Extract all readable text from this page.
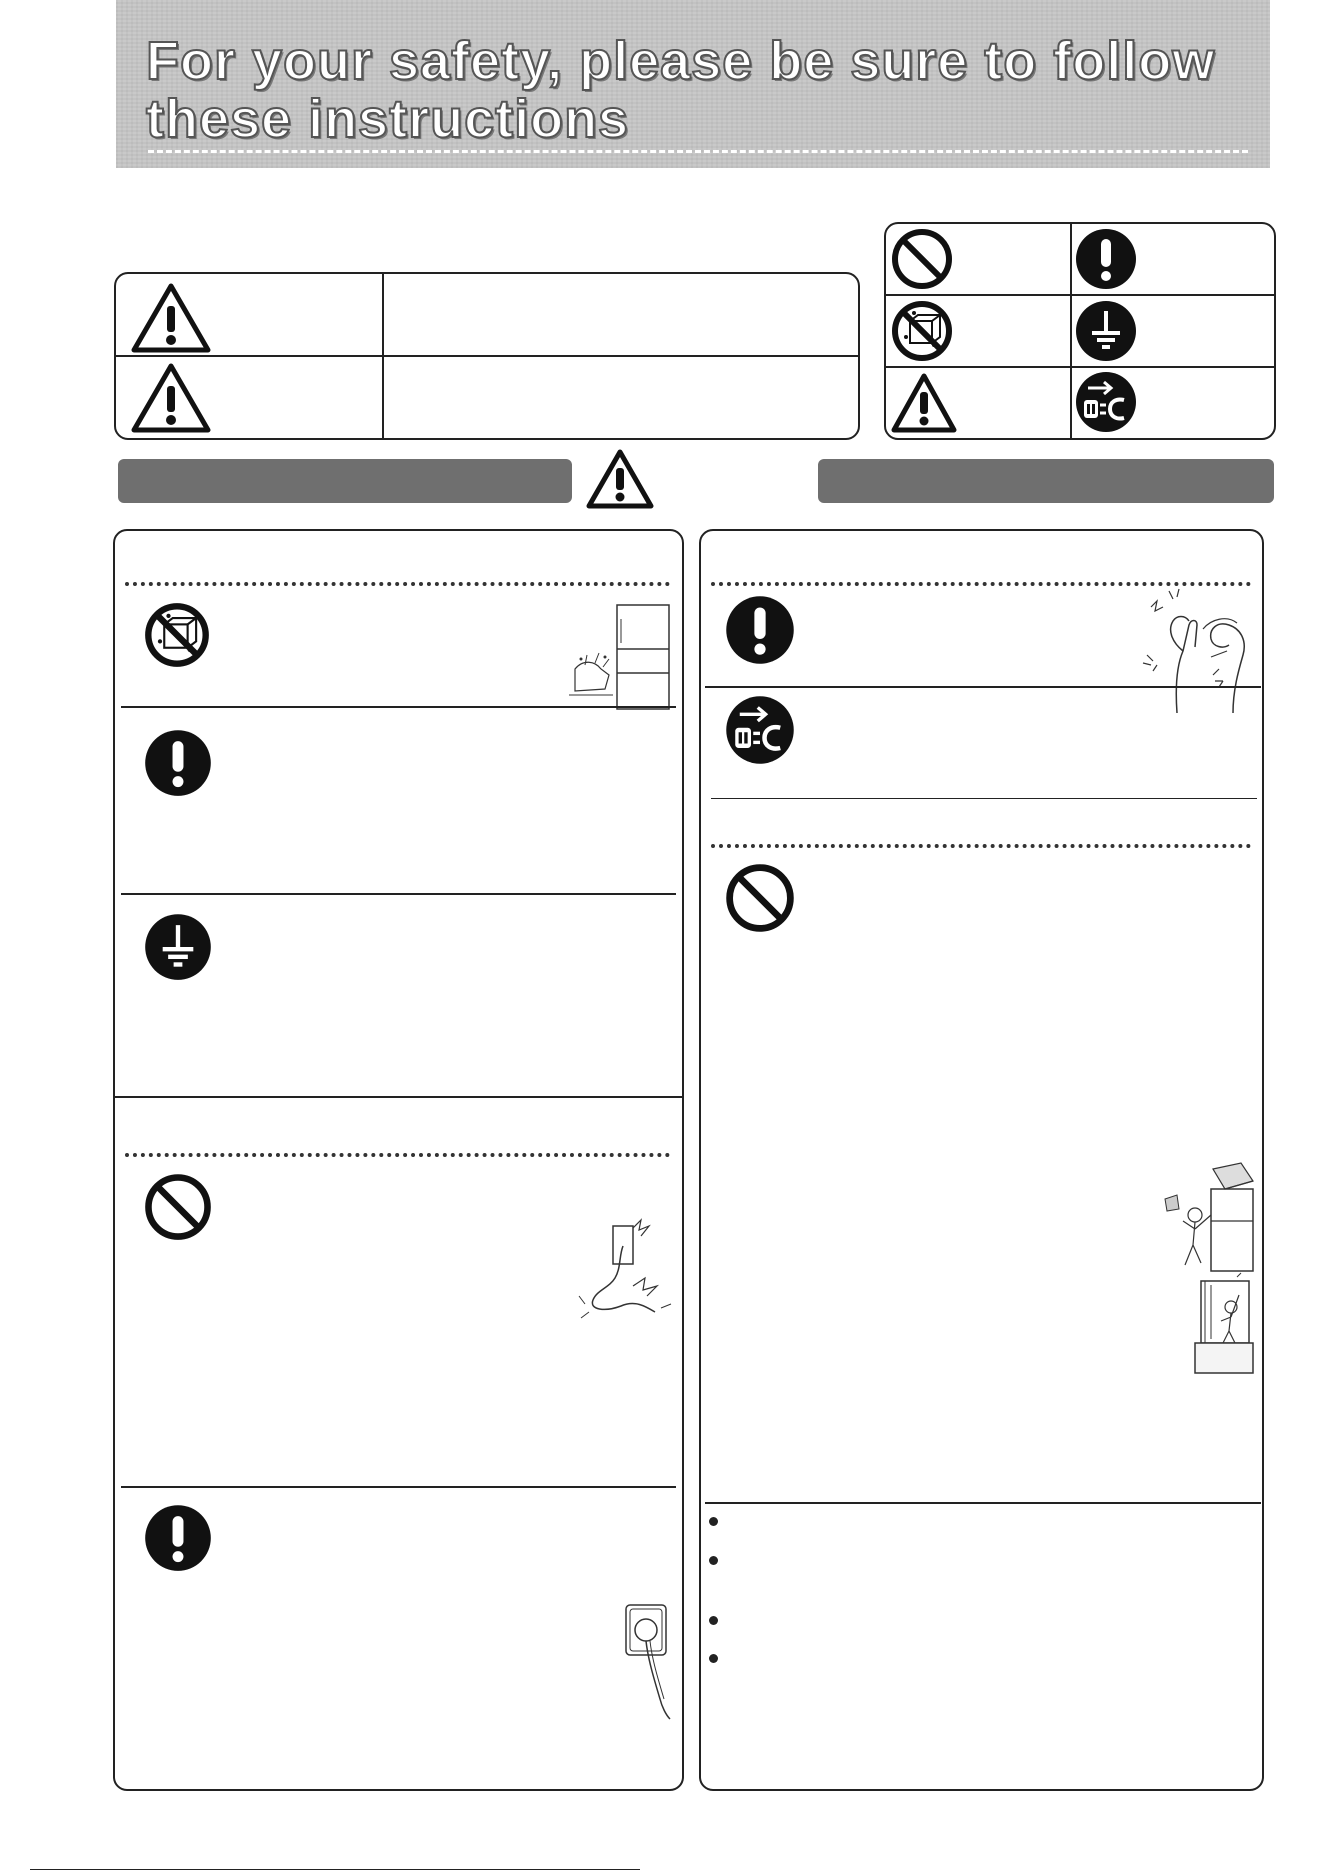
For your safety, please be sure to follow these instructions
